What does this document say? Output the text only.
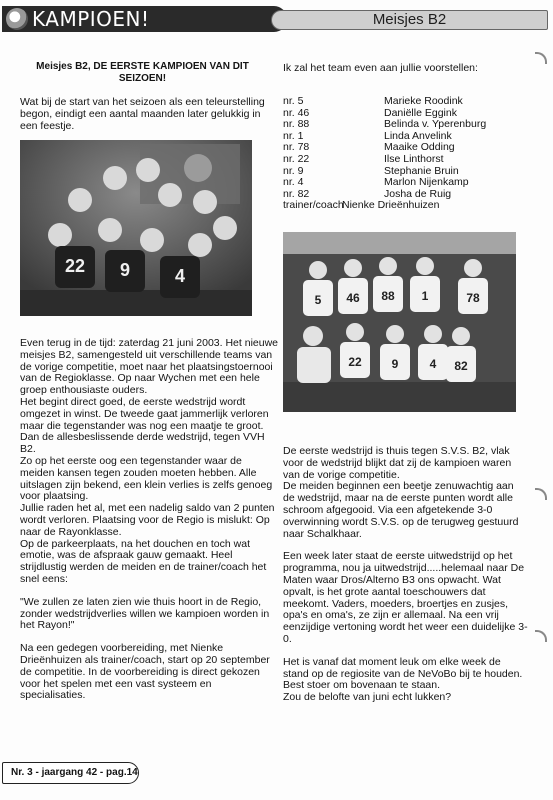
KAMPIOEN!	Meisjes B2
Meisjes B2, DE EERSTE KAMPIOEN VAN DIT SEIZOEN!

Wat bij de start van het seizoen als een teleurstelling begon, eindigt een aantal maanden later gelukkig in een feestje.

22 9 4

Even terug in de tijd: zaterdag 21 juni 2003. Het nieuwe meisjes B2, samengesteld uit verschillende teams van de vorige competitie, moet naar het plaatsingstoernooi van de Regioklasse. Op naar Wychen met een hele groep enthousiaste ouders.
Het begint direct goed, de eerste wedstrijd wordt omgezet in winst. De tweede gaat jammerlijk verloren maar die tegenstander was nog een maatje te groot.
Dan de allesbeslissende derde wedstrijd, tegen VVH B2.
Zo op het eerste oog een tegenstander waar de meiden kansen tegen zouden moeten hebben. Alle uitslagen zijn bekend, een klein verlies is zelfs genoeg voor plaatsing.
Jullie raden het al, met een nadelig saldo van 2 punten wordt verloren. Plaatsing voor de Regio is mislukt: Op naar de Rayonklasse.
Op de parkeerplaats, na het douchen en toch wat emotie, was de afspraak gauw gemaakt. Heel strijdlustig werden de meiden en de trainer/coach het snel eens:

"We zullen ze laten zien wie thuis hoort in de Regio, zonder wedstrijdverlies willen we kampioen worden in het Rayon!"

Na een gedegen voorbereiding, met Nienke Drieënhuizen als trainer/coach, start op 20 september de competitie. In de voorbereiding is direct gekozen voor het spelen met een vast systeem en specialisaties.

Ik zal het team even aan jullie voorstellen:
nr. 5	Marieke Roodink
nr. 46	Daniëlle Eggink
nr. 88	Belinda v. Yperenburg
nr. 1	Linda Anvelink
nr. 78	Maaike Odding
nr. 22	Ilse Linthorst
nr. 9	Stephanie Bruin
nr. 4	Marlon Nijenkamp
nr. 82	Josha de Ruig
trainer/coach
Nienke Drieënhuizen
5 46 88 1	78
22 9	4 82

De eerste wedstrijd is thuis tegen S.V.S. B2, vlak voor de wedstrijd blijkt dat zij de kampioen waren van de vorige competitie.
De meiden beginnen een beetje zenuwachtig aan de wedstrijd, maar na de eerste punten wordt alle schroom afgegooid. Via een afgetekende 3-0 overwinning wordt S.V.S. op de terugweg gestuurd naar Schalkhaar.

Een week later staat de eerste uitwedstrijd op het programma, nou ja uitwedstrijd.....helemaal naar De Maten waar Dros/Alterno B3 ons opwacht. Wat opvalt, is het grote aantal toeschouwers dat meekomt. Vaders, moeders, broertjes en zusjes, opa's en oma's, ze zijn er allemaal. Na een vrij eenzijdige vertoning wordt het weer een duidelijke 3-0.

Het is vanaf dat moment leuk om elke week de stand op de regiosite van de NeVoBo bij te houden. Best stoer om bovenaan te staan.
Zou de belofte van juni echt lukken?

Nr. 3 - jaargang 42 - pag.14
